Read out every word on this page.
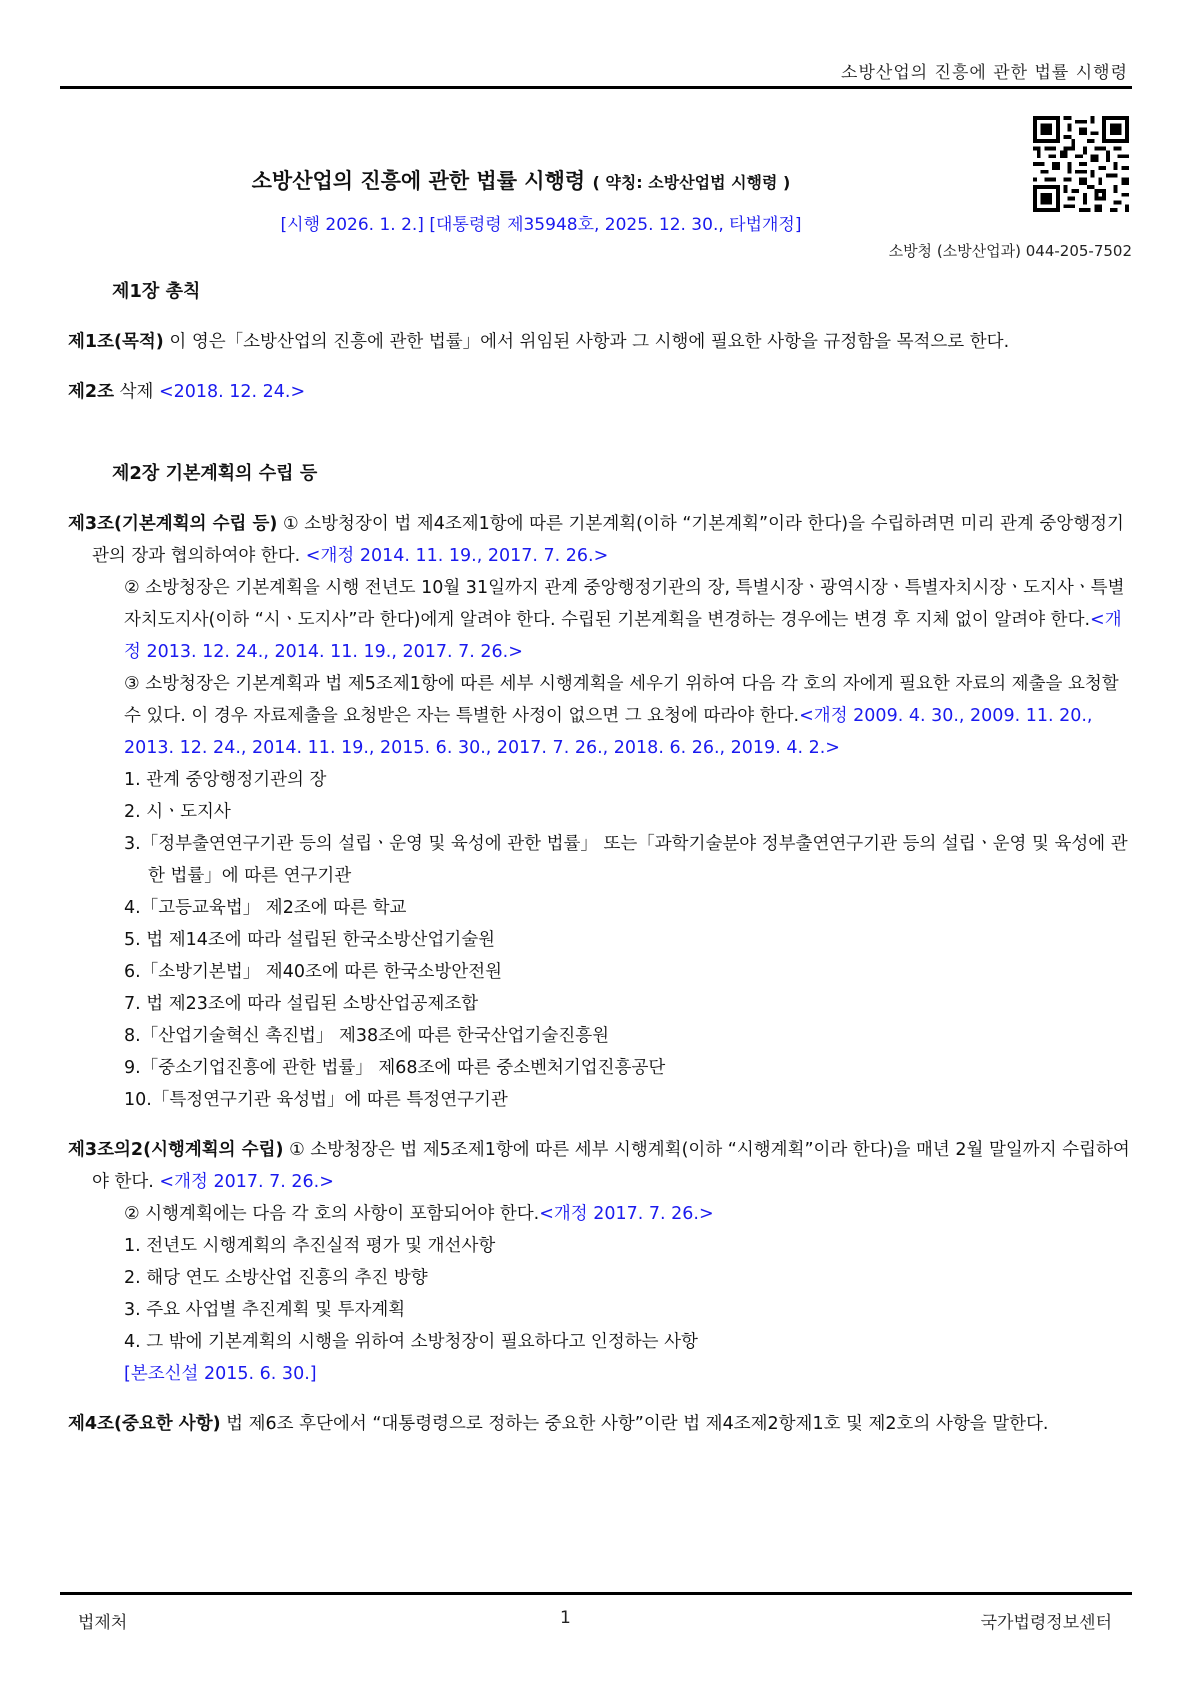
소방산업의 진흥에 관한 법률 시행령
소방산업의 진흥에 관한 법률 시행령 ( 약칭: 소방산업법 시행령 )
[시행 2026. 1. 2.] [대통령령 제35948호, 2025. 12. 30., 타법개정]
소방청 (소방산업과) 044-205-7502
제1장 총칙
제1조(목적) 이 영은「소방산업의 진흥에 관한 법률」에서 위임된 사항과 그 시행에 필요한 사항을 규정함을 목적으로 한다.
제2조 삭제 <2018. 12. 24.>
제2장 기본계획의 수립 등
제3조(기본계획의 수립 등) ① 소방청장이 법 제4조제1항에 따른 기본계획(이하 “기본계획”이라 한다)을 수립하려면 미리 관계 중앙행정기관의 장과 협의하여야 한다. <개정 2014. 11. 19., 2017. 7. 26.>
② 소방청장은 기본계획을 시행 전년도 10월 31일까지 관계 중앙행정기관의 장, 특별시장ㆍ광역시장ㆍ특별자치시장ㆍ도지사ㆍ특별자치도지사(이하 “시ㆍ도지사”라 한다)에게 알려야 한다. 수립된 기본계획을 변경하는 경우에는 변경 후 지체 없이 알려야 한다.<개정 2013. 12. 24., 2014. 11. 19., 2017. 7. 26.>
③ 소방청장은 기본계획과 법 제5조제1항에 따른 세부 시행계획을 세우기 위하여 다음 각 호의 자에게 필요한 자료의 제출을 요청할 수 있다. 이 경우 자료제출을 요청받은 자는 특별한 사정이 없으면 그 요청에 따라야 한다.<개정 2009. 4. 30., 2009. 11. 20., 2013. 12. 24., 2014. 11. 19., 2015. 6. 30., 2017. 7. 26., 2018. 6. 26., 2019. 4. 2.>
1. 관계 중앙행정기관의 장
2. 시ㆍ도지사
3.「정부출연연구기관 등의 설립ㆍ운영 및 육성에 관한 법률」 또는「과학기술분야 정부출연연구기관 등의 설립ㆍ운영 및 육성에 관한 법률」에 따른 연구기관
4.「고등교육법」 제2조에 따른 학교
5. 법 제14조에 따라 설립된 한국소방산업기술원
6.「소방기본법」 제40조에 따른 한국소방안전원
7. 법 제23조에 따라 설립된 소방산업공제조합
8.「산업기술혁신 촉진법」 제38조에 따른 한국산업기술진흥원
9.「중소기업진흥에 관한 법률」 제68조에 따른 중소벤처기업진흥공단
10.「특정연구기관 육성법」에 따른 특정연구기관
제3조의2(시행계획의 수립) ① 소방청장은 법 제5조제1항에 따른 세부 시행계획(이하 “시행계획”이라 한다)을 매년 2월 말일까지 수립하여야 한다. <개정 2017. 7. 26.>
② 시행계획에는 다음 각 호의 사항이 포함되어야 한다.<개정 2017. 7. 26.>
1. 전년도 시행계획의 추진실적 평가 및 개선사항
2. 해당 연도 소방산업 진흥의 추진 방향
3. 주요 사업별 추진계획 및 투자계획
4. 그 밖에 기본계획의 시행을 위하여 소방청장이 필요하다고 인정하는 사항
[본조신설 2015. 6. 30.]
제4조(중요한 사항) 법 제6조 후단에서 “대통령령으로 정하는 중요한 사항”이란 법 제4조제2항제1호 및 제2호의 사항을 말한다.
법제처	1	국가법령정보센터
